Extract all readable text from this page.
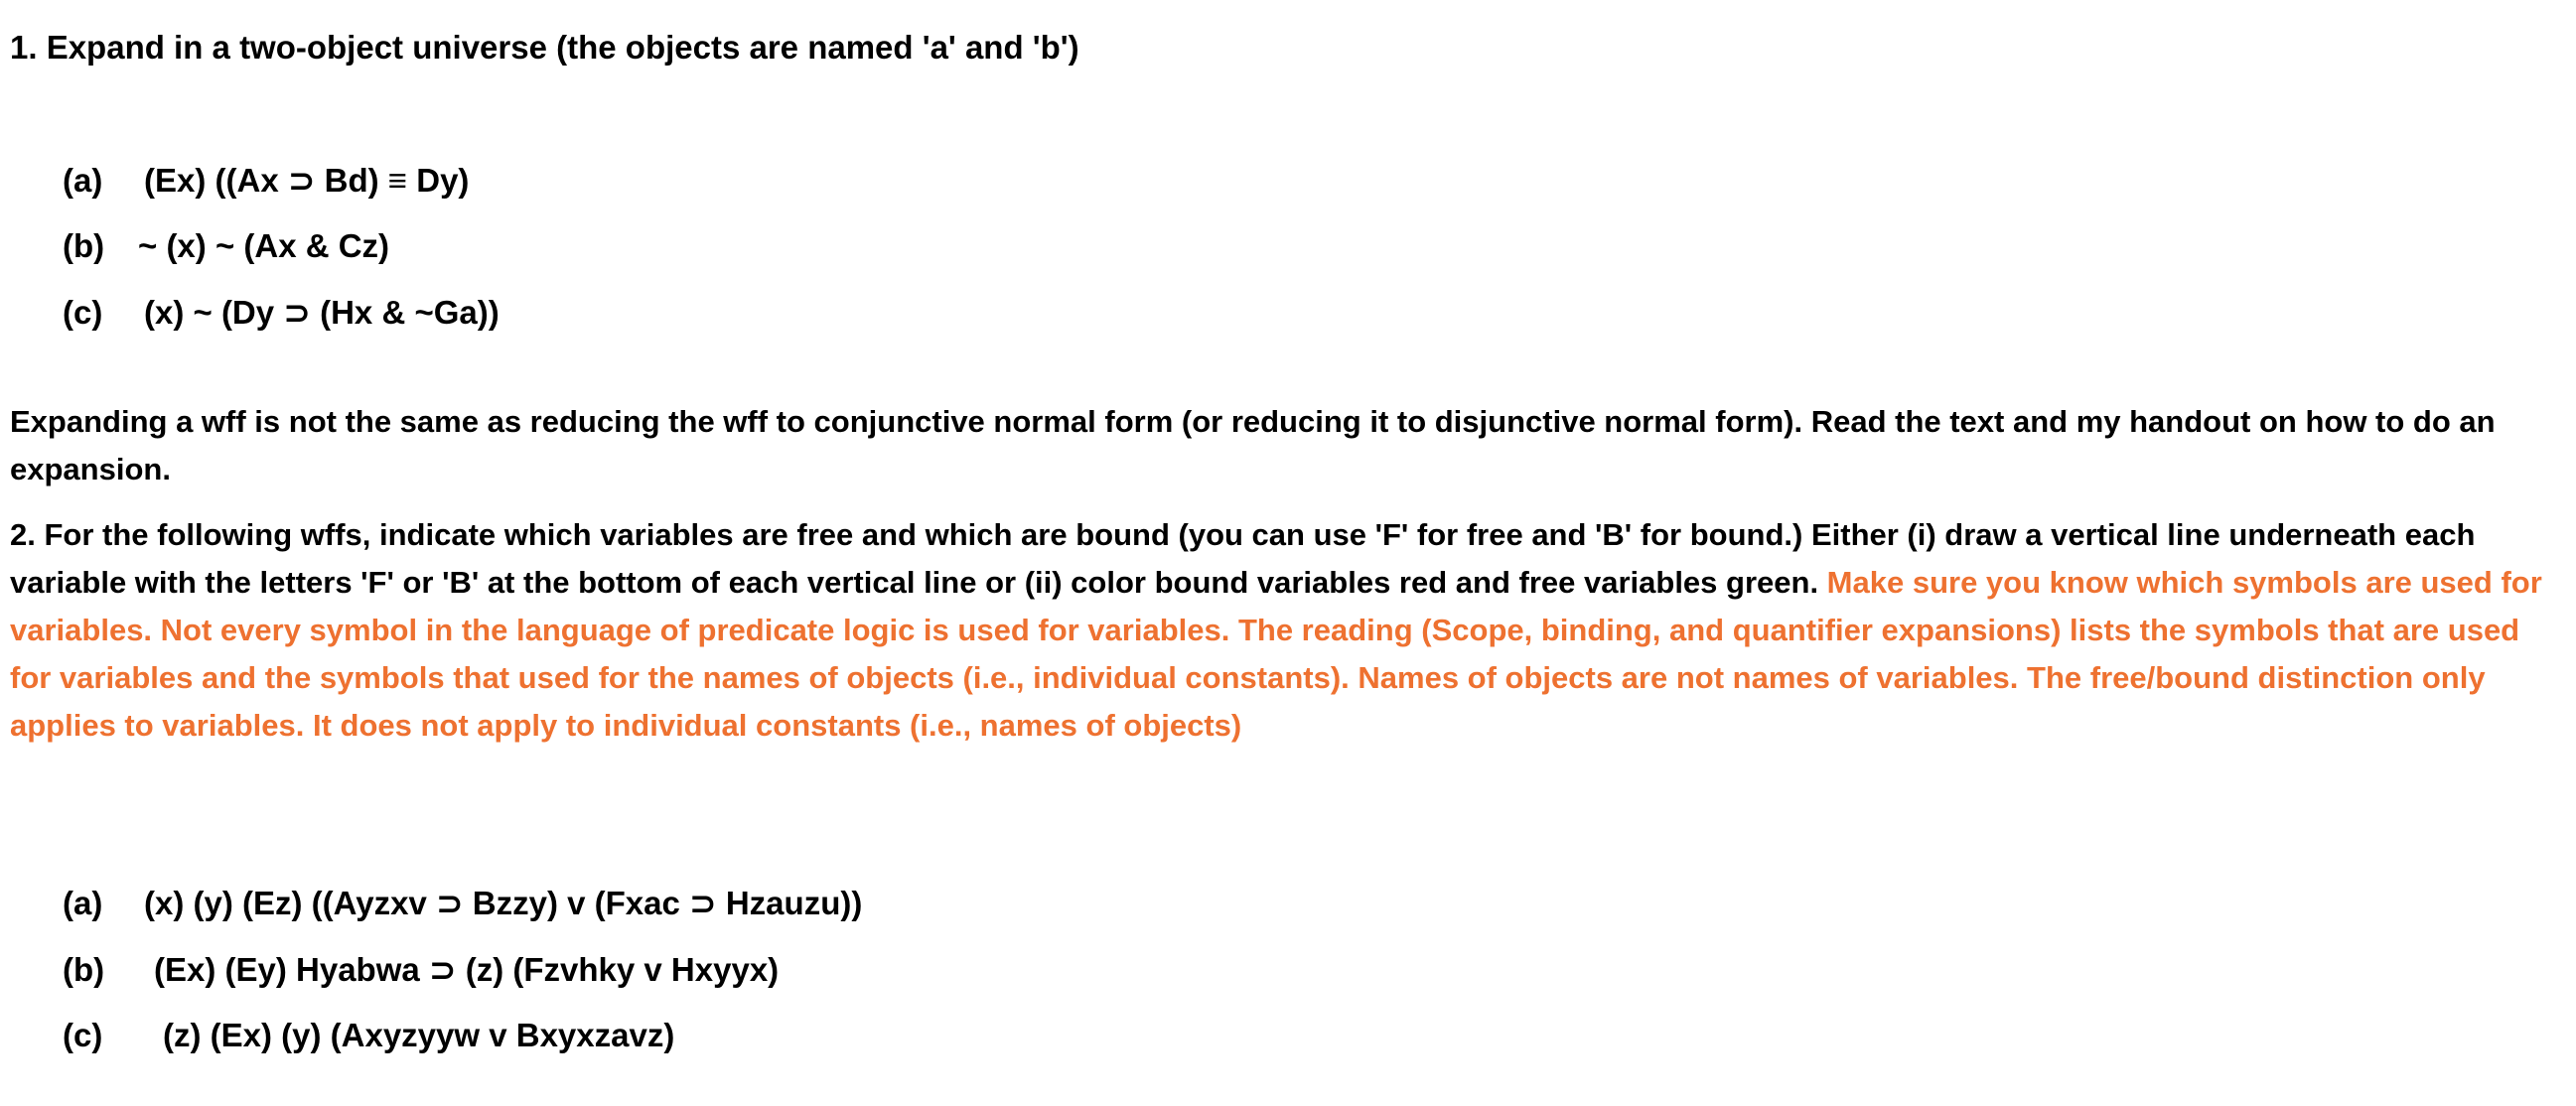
1. Expand in a two-object universe (the objects are named 'a' and 'b')
(a) (Ex) ((Ax ⊃ Bd) ≡ Dy)
(b) ~ (x) ~ (Ax & Cz)
(c) (x) ~ (Dy ⊃ (Hx & ~Ga))
Expanding a wff is not the same as reducing the wff to conjunctive normal form (or reducing it to disjunctive normal form). Read the text and my handout on how to do an expansion.
2. For the following wffs, indicate which variables are free and which are bound (you can use 'F' for free and 'B' for bound.) Either (i) draw a vertical line underneath each variable with the letters 'F' or 'B' at the bottom of each vertical line or (ii) color bound variables red and free variables green. Make sure you know which symbols are used for variables. Not every symbol in the language of predicate logic is used for variables. The reading (Scope, binding, and quantifier expansions) lists the symbols that are used for variables and the symbols that used for the names of objects (i.e., individual constants). Names of objects are not names of variables. The free/bound distinction only applies to variables. It does not apply to individual constants (i.e., names of objects)
(a) (x) (y) (Ez) ((Ayzxv ⊃ Bzzy) v (Fxac ⊃ Hzauzu))
(b) (Ex) (Ey) Hyabwa ⊃ (z) (Fzvhky v Hxyyx)
(c) (z) (Ex) (y) (Axyzyyw v Bxyxzavz)
